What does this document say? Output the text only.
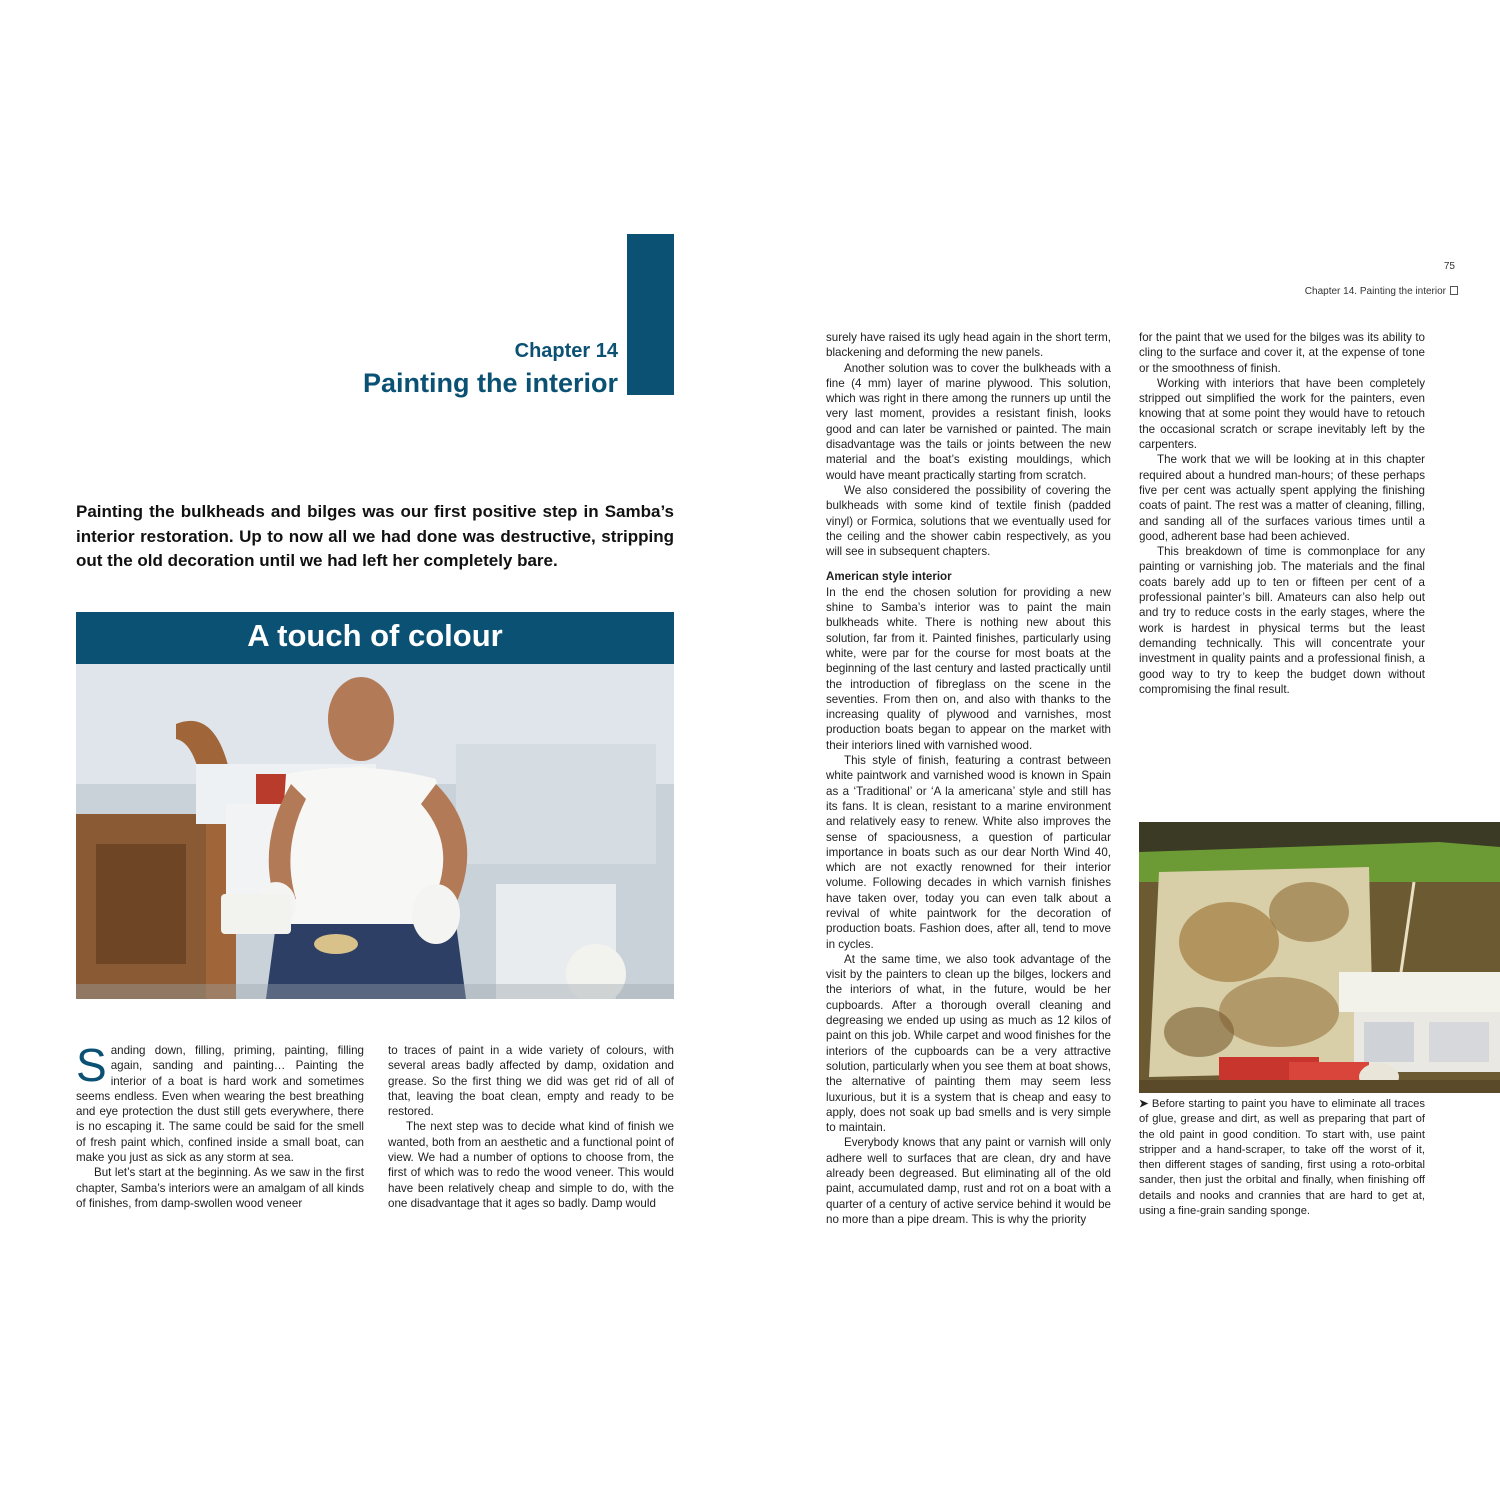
Chapter 14
Painting the interior
Painting the bulkheads and bilges was our first positive step in Samba’s interior restoration. Up to now all we had done was destructive, stripping out the old decoration until we had left her completely bare.
A touch of colour

Sanding down, filling, priming, painting, filling again, sanding and painting… Painting the interior of a boat is hard work and sometimes seems endless. Even when wearing the best breathing and eye protection the dust still gets everywhere, there is no escaping it. The same could be said for the smell of fresh paint which, confined inside a small boat, can make you just as sick as any storm at sea.

But let’s start at the beginning. As we saw in the first chapter, Samba’s interiors were an amalgam of all kinds of finishes, from damp-swollen wood veneer

to traces of paint in a wide variety of colours, with several areas badly affected by damp, oxidation and grease. So the first thing we did was get rid of all of that, leaving the boat clean, empty and ready to be restored.

The next step was to decide what kind of finish we wanted, both from an aesthetic and a functional point of view. We had a number of options to choose from, the first of which was to redo the wood veneer. This would have been relatively cheap and simple to do, with the one disadvantage that it ages so badly. Damp would

75
Chapter 14. Painting the interior

surely have raised its ugly head again in the short term, blackening and deforming the new panels.

Another solution was to cover the bulkheads with a fine (4 mm) layer of marine plywood. This solution, which was right in there among the runners up until the very last moment, provides a resistant finish, looks good and can later be varnished or painted. The main disadvantage was the tails or joints between the new material and the boat’s existing mouldings, which would have meant practically starting from scratch.

We also considered the possibility of covering the bulkheads with some kind of textile finish (padded vinyl) or Formica, solutions that we eventually used for the ceiling and the shower cabin respectively, as you will see in subsequent chapters.

American style interior

In the end the chosen solution for providing a new shine to Samba’s interior was to paint the main bulkheads white. There is nothing new about this solution, far from it. Painted finishes, particularly using white, were par for the course for most boats at the beginning of the last century and lasted practically until the introduction of fibreglass on the scene in the seventies. From then on, and also with thanks to the increasing quality of plywood and varnishes, most production boats began to appear on the market with their interiors lined with varnished wood.

This style of finish, featuring a contrast between white paintwork and varnished wood is known in Spain as a ‘Traditional’ or ‘A la americana’ style and still has its fans. It is clean, resistant to a marine environment and relatively easy to renew. White also improves the sense of spaciousness, a question of particular importance in boats such as our dear North Wind 40, which are not exactly renowned for their interior volume. Following decades in which varnish finishes have taken over, today you can even talk about a revival of white paintwork for the decoration of production boats. Fashion does, after all, tend to move in cycles.

At the same time, we also took advantage of the visit by the painters to clean up the bilges, lockers and the interiors of what, in the future, would be her cupboards. After a thorough overall cleaning and degreasing we ended up using as much as 12 kilos of paint on this job. While carpet and wood finishes for the interiors of the cupboards can be a very attractive solution, particularly when you see them at boat shows, the alternative of painting them may seem less luxurious, but it is a system that is cheap and easy to apply, does not soak up bad smells and is very simple to maintain.

Everybody knows that any paint or varnish will only adhere well to surfaces that are clean, dry and have already been degreased. But eliminating all of the old paint, accumulated damp, rust and rot on a boat with a quarter of a century of active service behind it would be no more than a pipe dream. This is why the priority

for the paint that we used for the bilges was its ability to cling to the surface and cover it, at the expense of tone or the smoothness of finish.

Working with interiors that have been completely stripped out simplified the work for the painters, even knowing that at some point they would have to retouch the occasional scratch or scrape inevitably left by the carpenters.

The work that we will be looking at in this chapter required about a hundred man-hours; of these perhaps five per cent was actually spent applying the finishing coats of paint. The rest was a matter of cleaning, filling, and sanding all of the surfaces various times until a good, adherent base had been achieved.

This breakdown of time is commonplace for any painting or varnishing job. The materials and the final coats barely add up to ten or fifteen per cent of a professional painter’s bill. Amateurs can also help out and try to reduce costs in the early stages, where the work is hardest in physical terms but the least demanding technically. This will concentrate your investment in quality paints and a professional finish, a good way to try to keep the budget down without compromising the final result.

➤ Before starting to paint you have to eliminate all traces of glue, grease and dirt, as well as preparing that part of the old paint in good condition. To start with, use paint stripper and a hand-scraper, to take off the worst of it, then different stages of sanding, first using a roto-orbital sander, then just the orbital and finally, when finishing off details and nooks and crannies that are hard to get at, using a fine-grain sanding sponge.
